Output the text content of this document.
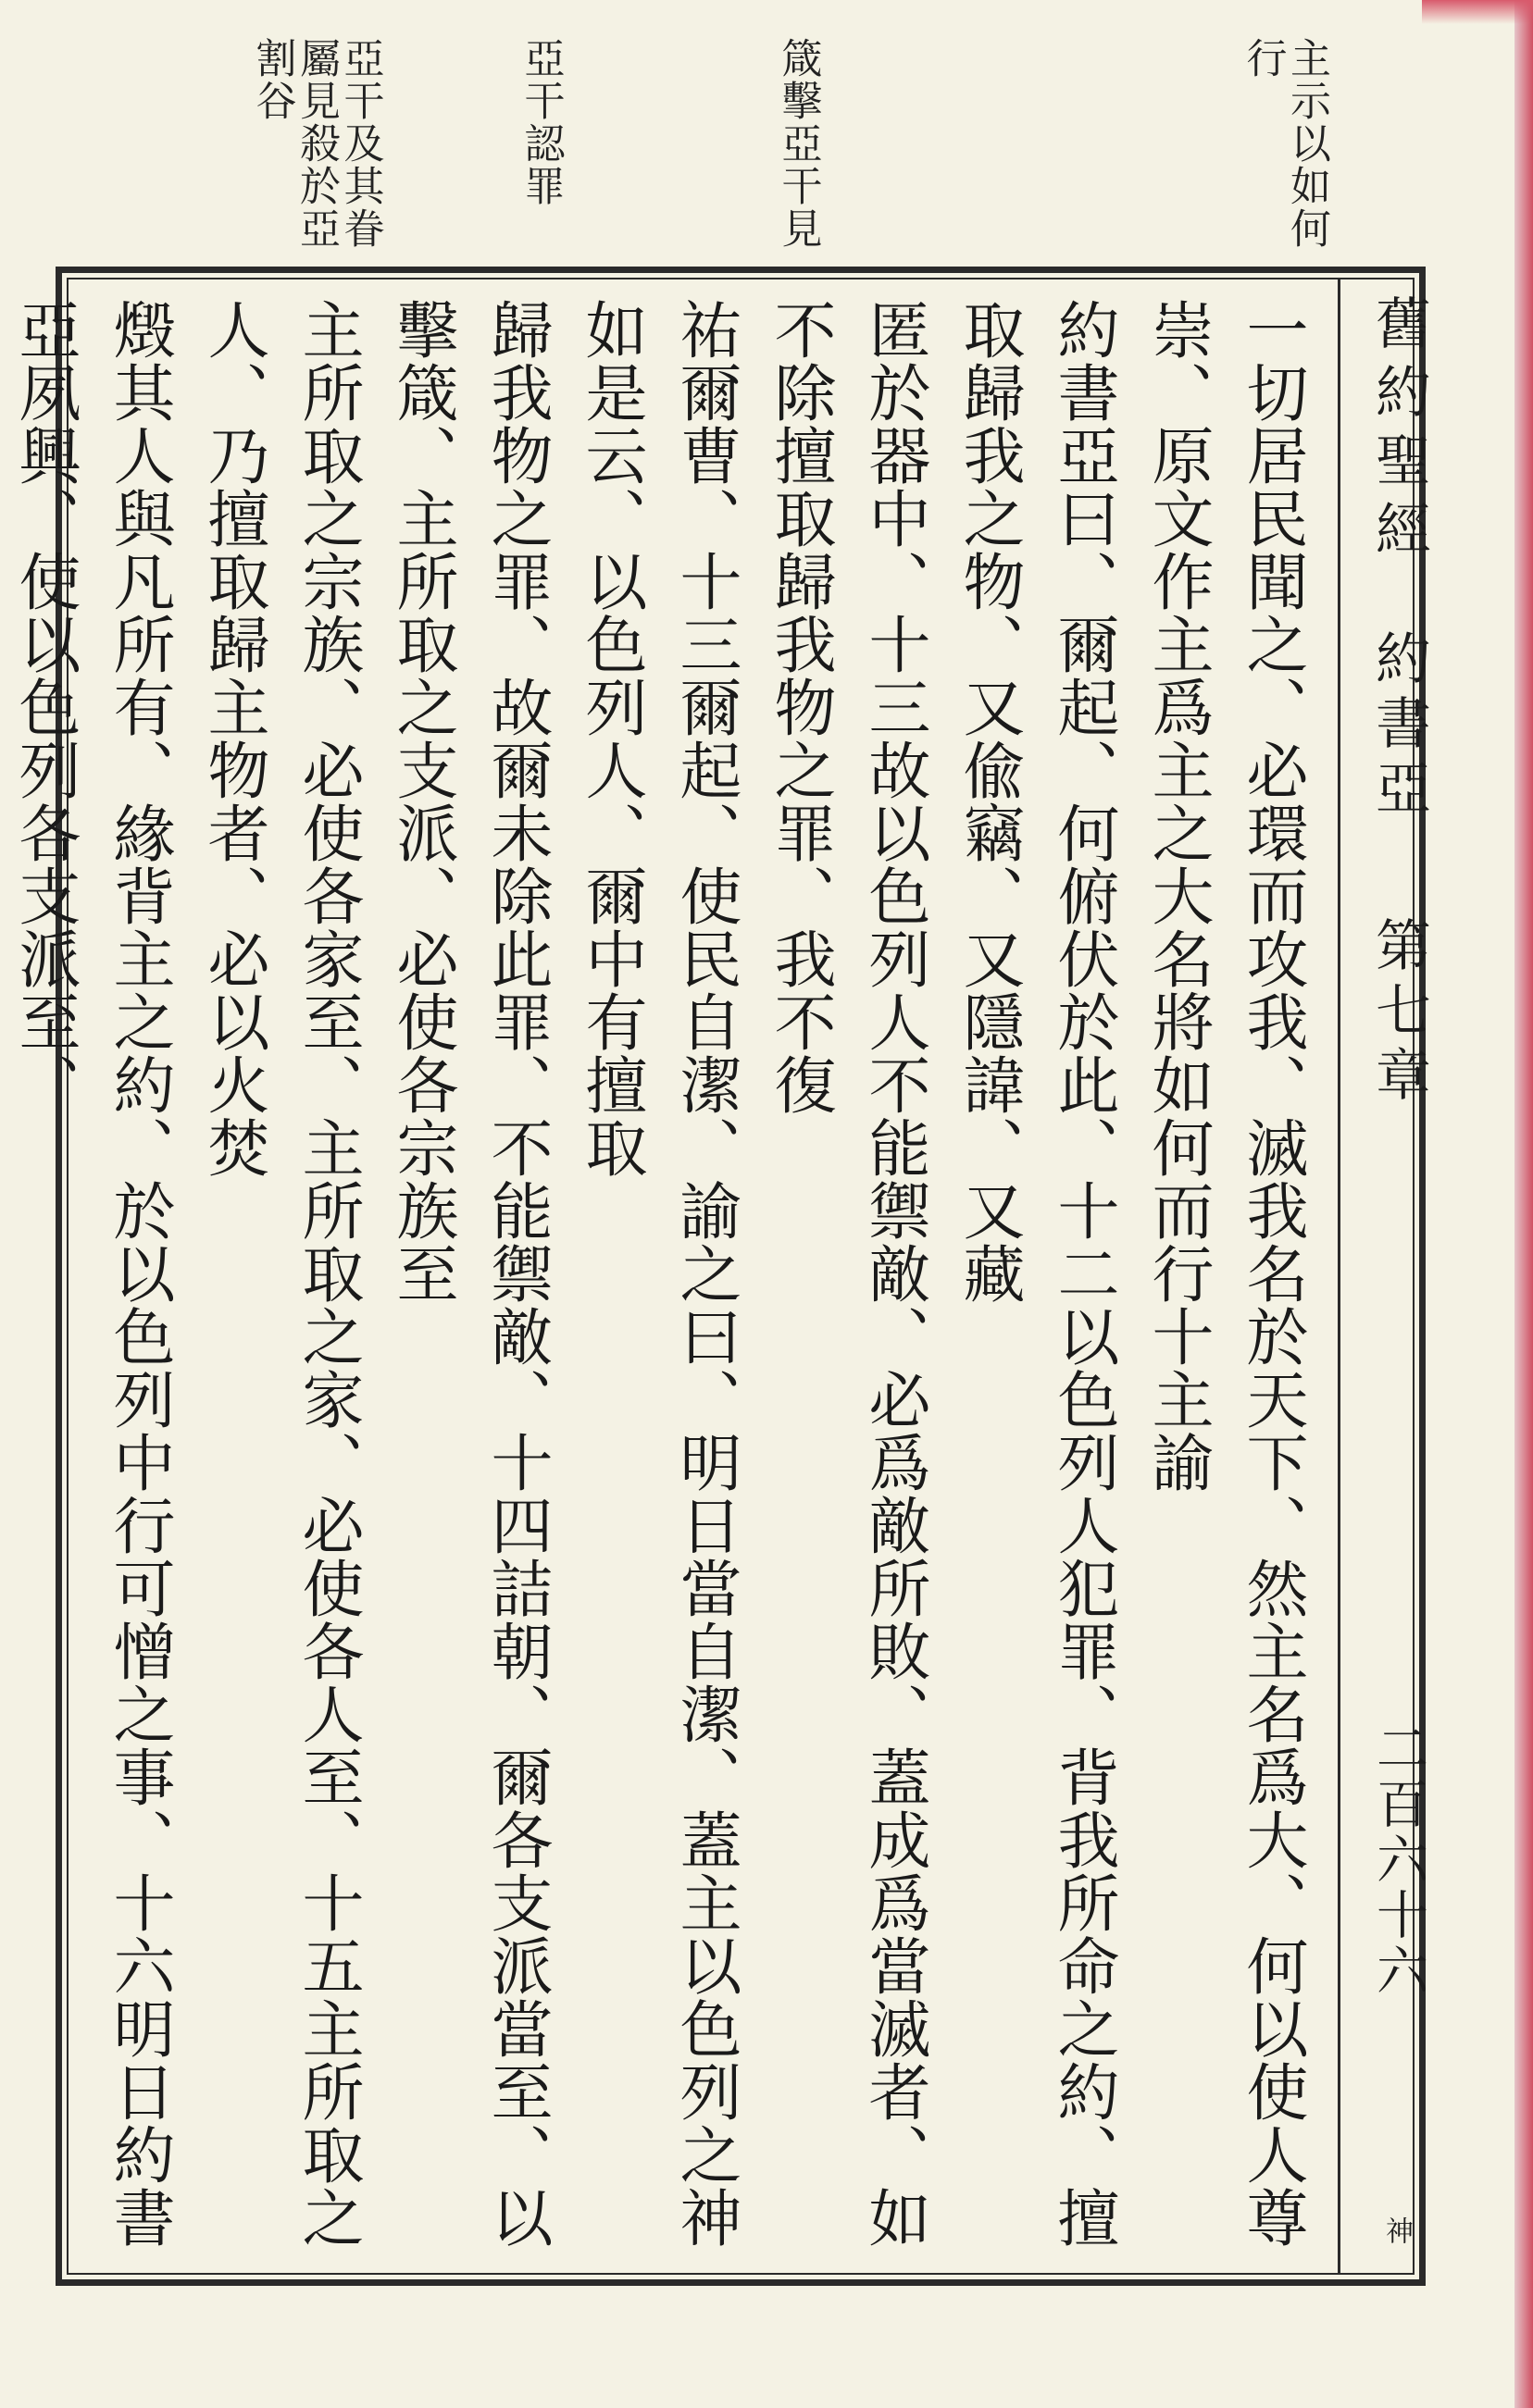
主示以如何行
箴擊亞干見
亞干認罪
亞干及其眷屬見殺於亞割谷
舊約聖經
約書亞
第七章
二百六十六
神
一切居民聞之、必環而攻我、滅我名於天下、然主名爲大、何以使人尊崇、原文作主爲主之大名將如何而行十主諭
約書亞曰、爾起、何俯伏於此、十二以色列人犯罪、背我所命之約、擅取歸我之物、又偸竊、又隱諱、又藏
匿於器中、十三故以色列人不能禦敵、必爲敵所敗、蓋成爲當滅者、如不除擅取歸我物之罪、我不復
祐爾曹、十三爾起、使民自潔、諭之曰、明日當自潔、蓋主以色列之神如是云、以色列人、爾中有擅取
歸我物之罪、故爾未除此罪、不能禦敵、十四詰朝、爾各支派當至、以擊箴、主所取之支派、必使各宗族至
主所取之宗族、必使各家至、主所取之家、必使各人至、十五主所取之人、乃擅取歸主物者、必以火焚
燬其人與凡所有、緣背主之約、於以色列中行可憎之事、十六明日約書亞夙興、使以色列各支派至、
